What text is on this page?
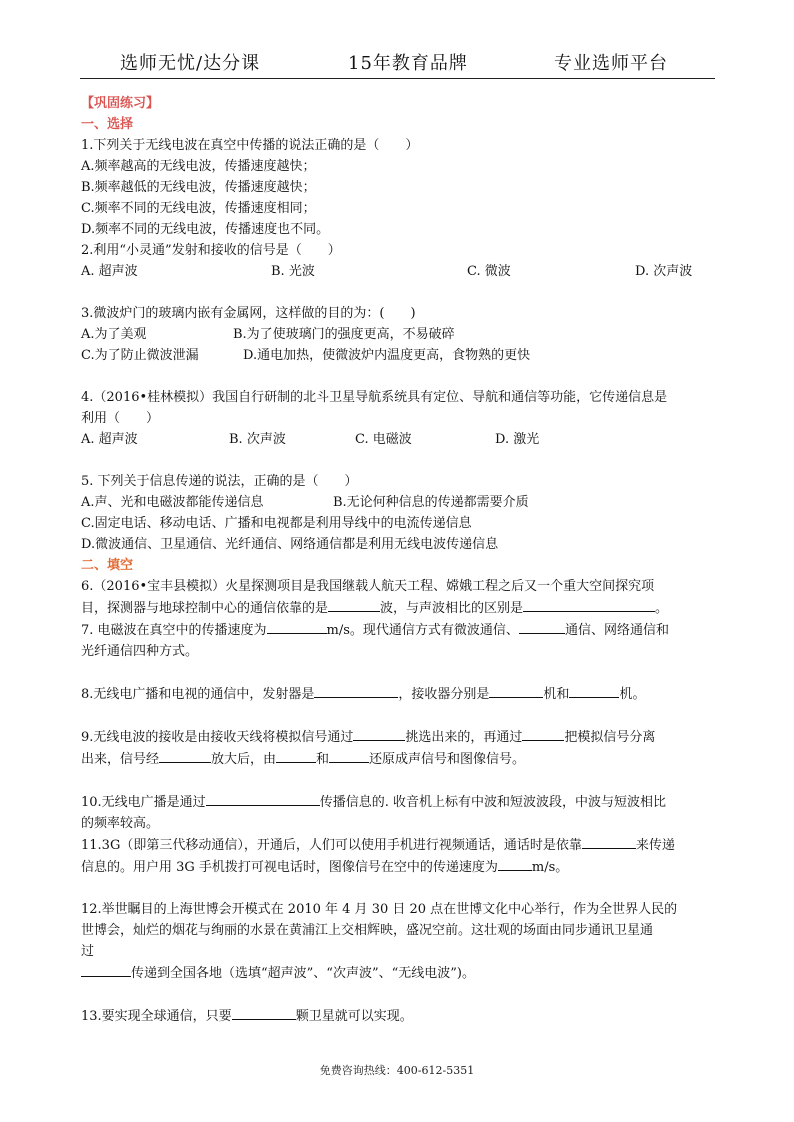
选师无忧/达分课	15年教育品牌	专业选师平台
【巩固练习】
一、选择
1.下列关于无线电波在真空中传播的说法正确的是（　　）
A.频率越高的无线电波，传播速度越快；
B.频率越低的无线电波，传播速度越快；
C.频率不同的无线电波，传播速度相同；
D.频率不同的无线电波，传播速度也不同。
2.利用“小灵通”发射和接收的信号是（　　）
A. 超声波	B. 光波	C. 微波	D. 次声波
3.微波炉门的玻璃内嵌有金属网，这样做的目的为：(　　)
A.为了美观	B.为了使玻璃门的强度更高，不易破碎
C.为了防止微波泄漏	D.通电加热，使微波炉内温度更高，食物熟的更快
4.（2016•桂林模拟）我国自行研制的北斗卫星导航系统具有定位、导航和通信等功能，它传递信息是
利用（　　）
A. 超声波	B. 次声波	C. 电磁波	D. 激光
5. 下列关于信息传递的说法，正确的是（　　）
A.声、光和电磁波都能传递信息	B.无论何种信息的传递都需要介质
C.固定电话、移动电话、广播和电视都是利用导线中的电流传递信息
D.微波通信、卫星通信、光纤通信、网络通信都是利用无线电波传递信息
二、填空
6.（2016•宝丰县模拟）火星探测项目是我国继载人航天工程、嫦娥工程之后又一个重大空间探究项
目，探测器与地球控制中心的通信依靠的是	波，与声波相比的区别是	。
7. 电磁波在真空中的传播速度为	m/s。现代通信方式有微波通信、	通信、网络通信和
光纤通信四种方式。
8.无线电广播和电视的通信中，发射器是	，接收器分别是	机和	机。
9.无线电波的接收是由接收天线将模拟信号通过	挑选出来的，再通过	把模拟信号分离
出来，信号经	放大后，由	和	还原成声信号和图像信号。
10.无线电广播是通过	传播信息的. 收音机上标有中波和短波波段，中波与短波相比
的频率较高。
11.3G（即第三代移动通信），开通后，人们可以使用手机进行视频通话，通话时是依靠	来传递
信息的。用户用 3G 手机拨打可视电话时，图像信号在空中的传递速度为	m/s。
12.举世瞩目的上海世博会开模式在 2010 年 4 月 30 日 20 点在世博文化中心举行，作为全世界人民的
世博会，灿烂的烟花与绚丽的水景在黄浦江上交相辉映，盛况空前。这壮观的场面由同步通讯卫星通
过
传递到全国各地（选填“超声波”、“次声波”、“无线电波”)。
13.要实现全球通信，只要	颗卫星就可以实现。
免费咨询热线：400-612-5351
